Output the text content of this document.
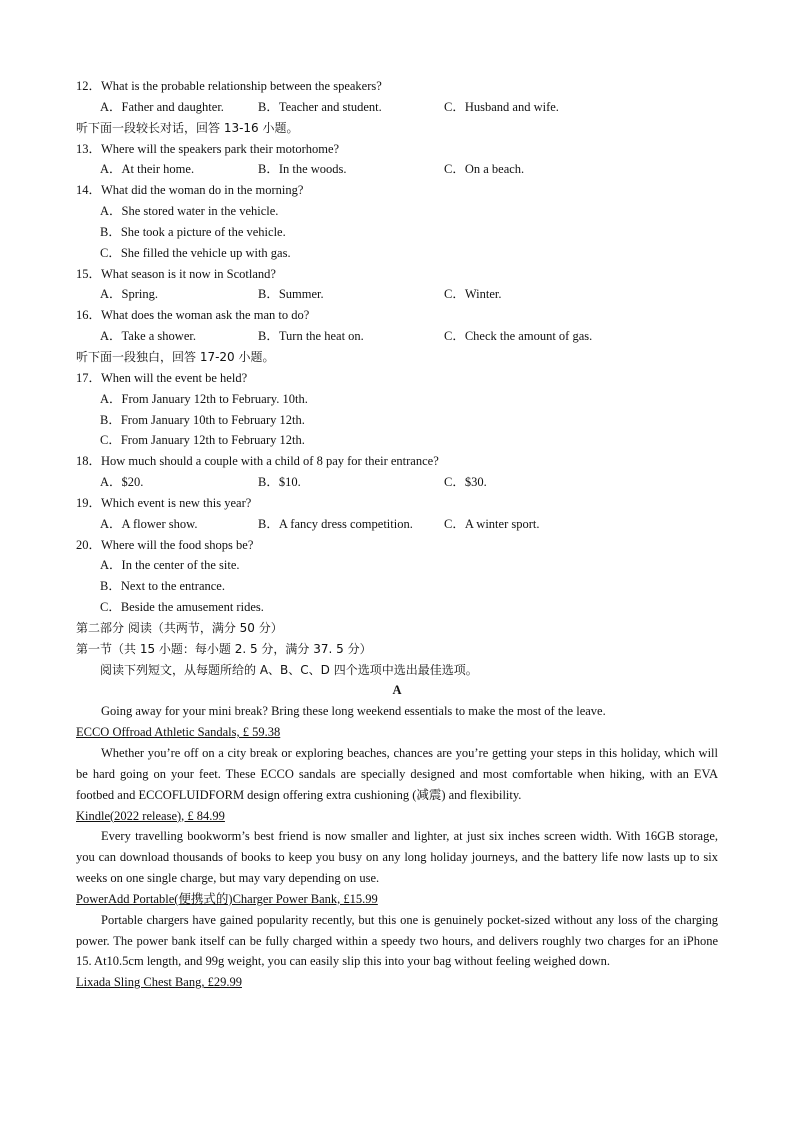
12．What is the probable relationship between the speakers?
A．Father and daughter.	B．Teacher and student.	C．Husband and wife.
听下面一段较长对话，回答 13-16 小题。
13．Where will the speakers park their motorhome?
A．At their home.	B．In the woods.	C．On a beach.
14．What did the woman do in the morning?
A．She stored water in the vehicle.
B．She took a picture of the vehicle.
C．She filled the vehicle up with gas.
15．What season is it now in Scotland?
A．Spring.	B．Summer.	C．Winter.
16．What does the woman ask the man to do?
A．Take a shower.	B．Turn the heat on.	C．Check the amount of gas.
听下面一段独白，回答 17-20 小题。
17．When will the event be held?
A．From January 12th to February. 10th.
B．From January 10th to February 12th.
C．From January 12th to February 12th.
18．How much should a couple with a child of 8 pay for their entrance?
A．$20.	B．$10.	C．$30.
19．Which event is new this year?
A．A flower show.	B．A fancy dress competition. C．A winter sport.
20．Where will the food shops be?
A．In the center of the site.
B．Next to the entrance.
C．Beside the amusement rides.
第二部分 阅读（共两节，满分 50 分）
第一节（共 15 小题：每小题 2. 5 分，满分 37. 5 分）
阅读下列短文，从每题所给的 A、B、C、D 四个选项中选出最佳选项。
A
Going away for your mini break? Bring these long weekend essentials to make the most of the leave.
ECCO Offroad Athletic Sandals, £ 59.38
Whether you’re off on a city break or exploring beaches, chances are you’re getting your steps in this holiday, which will be hard going on your feet. These ECCO sandals are specially designed and most comfortable when hiking, with an EVA footbed and ECCOFLUIDFORM design offering extra cushioning (减震) and flexibility.
Kindle(2022 release), £ 84.99
Every travelling bookworm’s best friend is now smaller and lighter, at just six inches screen width. With 16GB storage, you can download thousands of books to keep you busy on any long holiday journeys, and the battery life now lasts up to six weeks on one single charge, but may vary depending on use.
PowerAdd Portable(便携式的)Charger Power Bank, £15.99
Portable chargers have gained popularity recently, but this one is genuinely pocket-sized without any loss of the charging power. The power bank itself can be fully charged within a speedy two hours, and delivers roughly two charges for an iPhone 15. At10.5cm length, and 99g weight, you can easily slip this into your bag without feeling weighed down.
Lixada Sling Chest Bang, £29.99
